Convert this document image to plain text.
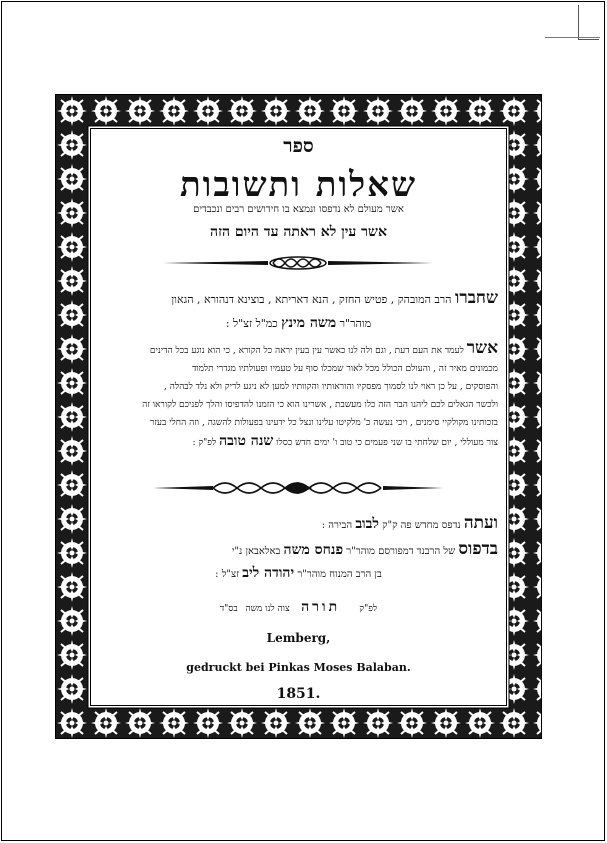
ספר
שאלות ותשובות
אשר מעולם לא נדפסו ונמצא בו חידושים רבים ונכבדים
אשר עין לא ראתה עד היום הזה
שחברו הרב המובהק , פטיש החזק , הנא דאריתא , בוצינא דנהורא , הגאון
מוהר"ר משה מינץ כמ"ל זצ"ל :
אשר לעמד את העם דעת , וגם ולה לנו כאשר עין בעין יראה כל הקורא , כי הוא נוגע בכל הדינים
מכמונים מאיר זה , והעולם הכולל מכל לאור שמכלו סוף על טעמיו ופעולתיו מגדרי תלמוד
והפוסקים , על כן ראוי לנו לסמוך מפסקיו והוראותיו והקוותיו למען לא ניגע לריק ולא נלד לבהלה ,
ולכשר הגאלים לכם ליהנו הבר הזה כלו מעשבת , אשרינו הוא כי הזמנו להדפיסו והלך לפניכם לקוראו זה
בזכותינו מקולקיי סימנים , ויכי נעשה כ' מלקיטו עלינו ונצל כל ידעינו בפעולות להשגה , וזה החלי בעזר
צור מעוללי , יום שלחתי בו שני פעמים כי טוב ו' ימים חדש כסלו שנה טובה לפ"ק :
ועתה נדפס מחדש פה ק"ק לבוב הבירה :
בדפוס של הרבנד דמפורסם מוהר"ר פנחס משה באלאבאן נ"י
בן הרב המנוח מוהר"ר יהודה ליב זצ"ל :
לפ"ק     תורה   צוה לנו משה  בס"ד
Lemberg,
gedruckt bei Pinkas Moses Balaban.
1851.
